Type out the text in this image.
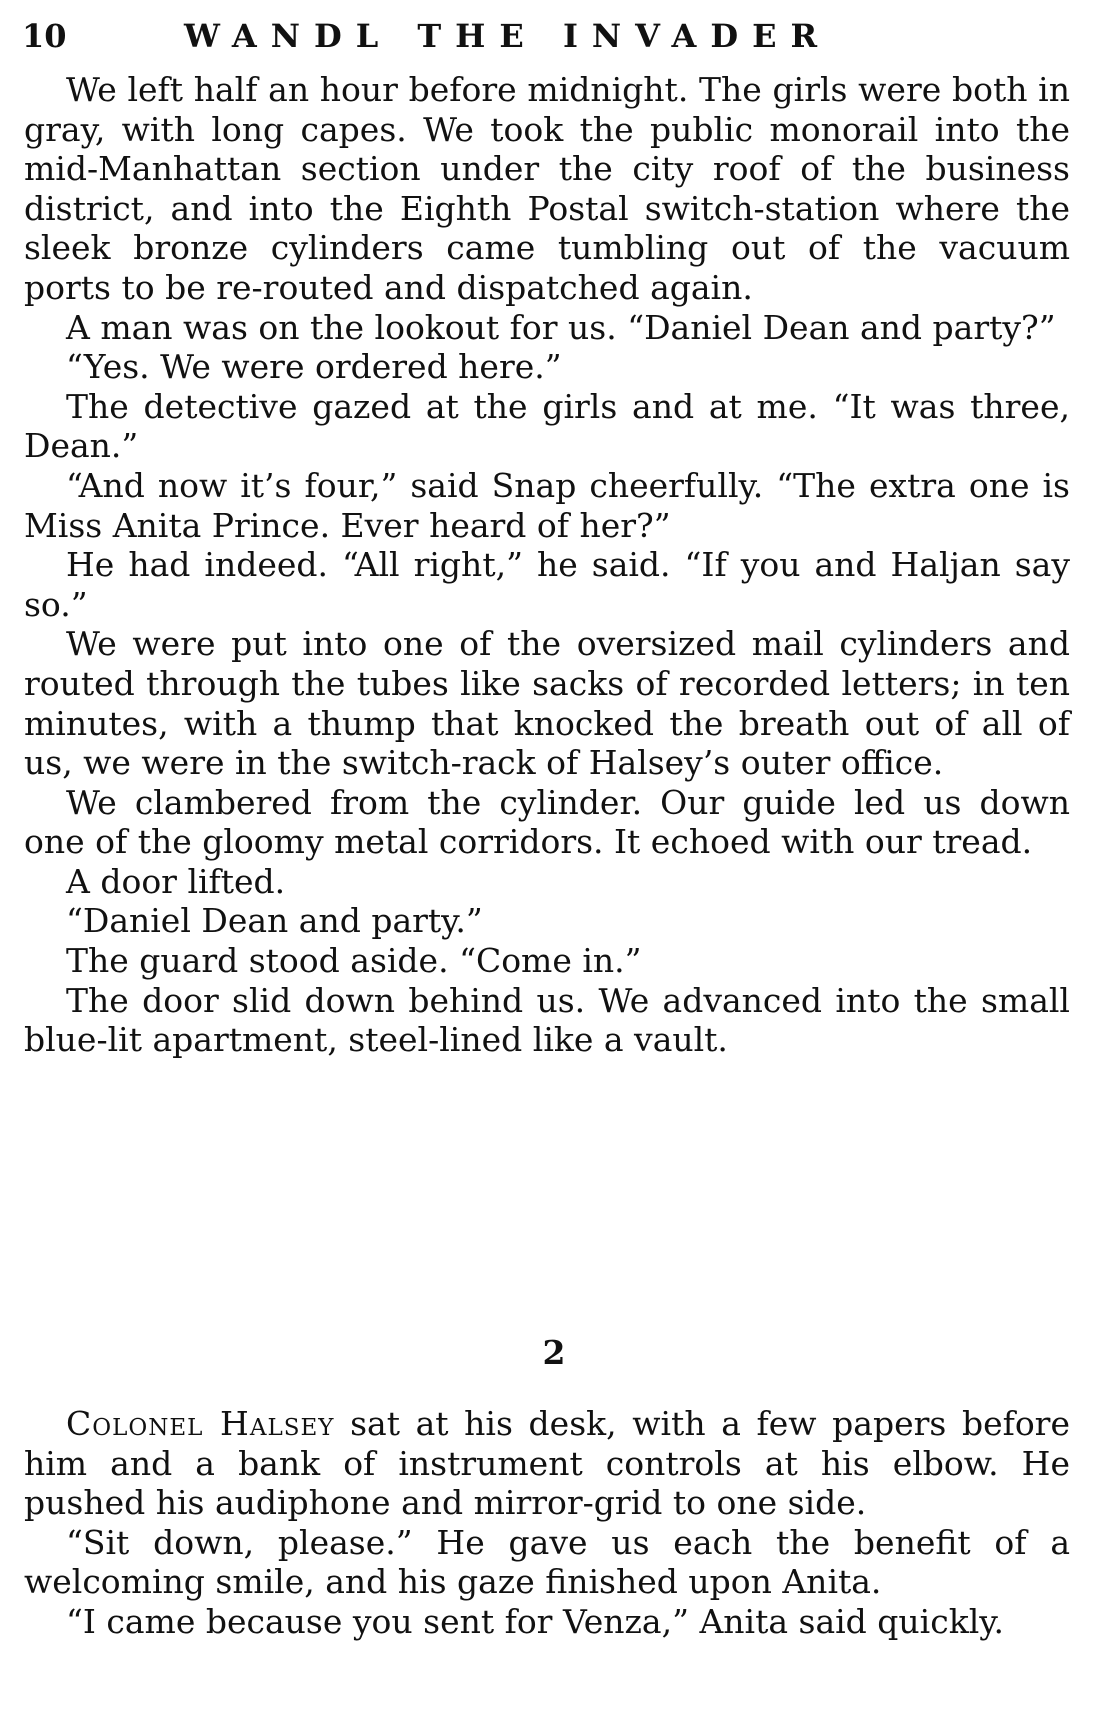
10	WANDL THE INVADER

We left half an hour before midnight. The girls were both in gray, with long capes. We took the public monorail into the mid-Manhattan section under the city roof of the business district, and into the Eighth Postal switch-station where the sleek bronze cylinders came tumbling out of the vacuum ports to be re-routed and dispatched again.

A man was on the lookout for us. “Daniel Dean and party?”

“Yes. We were ordered here.”

The detective gazed at the girls and at me. “It was three, Dean.”

“And now it’s four,” said Snap cheerfully. “The extra one is Miss Anita Prince. Ever heard of her?”

He had indeed. “All right,” he said. “If you and Haljan say so.”

We were put into one of the oversized mail cylinders and routed through the tubes like sacks of recorded letters; in ten minutes, with a thump that knocked the breath out of all of us, we were in the switch-rack of Halsey’s outer office.

We clambered from the cylinder. Our guide led us down one of the gloomy metal corridors. It echoed with our tread.

A door lifted.

“Daniel Dean and party.”

The guard stood aside. “Come in.”

The door slid down behind us. We advanced into the small blue-lit apartment, steel-lined like a vault.

2

Colonel Halsey sat at his desk, with a few papers before him and a bank of instrument controls at his elbow. He pushed his audiphone and mirror-grid to one side.

“Sit down, please.” He gave us each the benefit of a welcoming smile, and his gaze finished upon Anita.

“I came because you sent for Venza,” Anita said quickly.
